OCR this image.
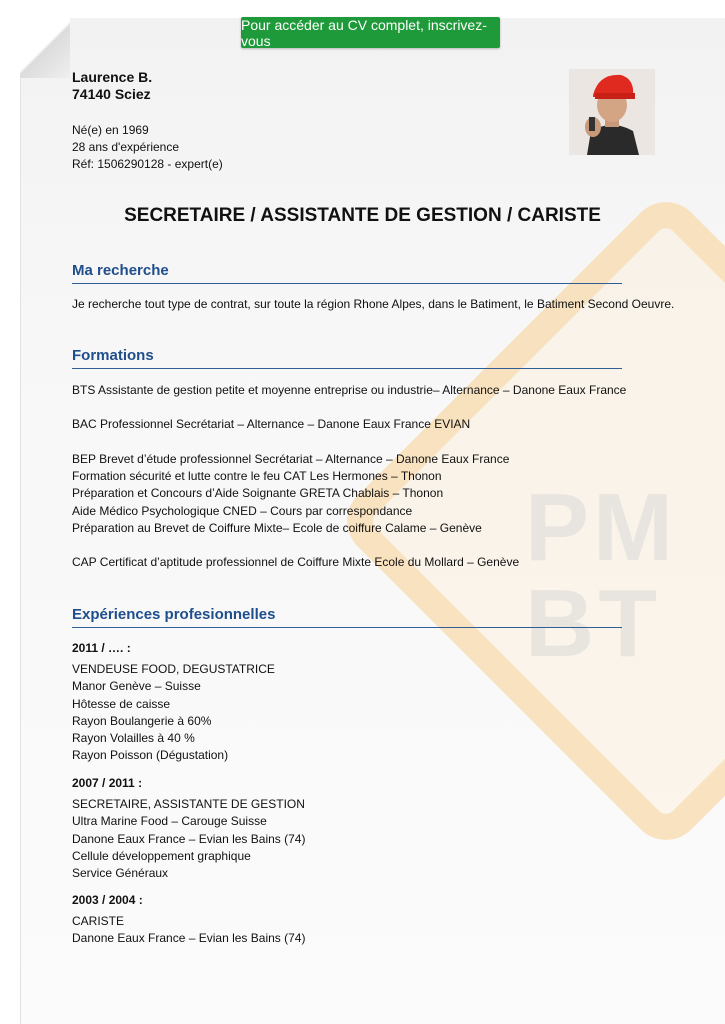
PM BT
Pour accéder au CV complet, inscrivez-vous
Laurence B.
74140 Sciez
Né(e) en 1969
28 ans d'expérience
Réf: 1506290128 - expert(e)
SECRETAIRE / ASSISTANTE DE GESTION / CARISTE
Ma recherche
Je recherche tout type de contrat, sur toute la région Rhone Alpes, dans le Batiment, le Batiment Second Oeuvre.
Formations
BTS Assistante de gestion petite et moyenne entreprise ou industrie– Alternance – Danone Eaux France
BAC Professionnel Secrétariat – Alternance – Danone Eaux France EVIAN
BEP Brevet d’étude professionnel Secrétariat – Alternance – Danone Eaux France
Formation sécurité et lutte contre le feu CAT Les Hermones – Thonon
Préparation et Concours d’Aide Soignante GRETA Chablais – Thonon
Aide Médico Psychologique CNED – Cours par correspondance
Préparation au Brevet de Coiffure Mixte– Ecole de coiffure Calame – Genève
CAP Certificat d’aptitude professionnel de Coiffure Mixte Ecole du Mollard – Genève
Expériences profesionnelles
2011 / …. :
VENDEUSE FOOD, DEGUSTATRICE
Manor Genève – Suisse
Hôtesse de caisse
Rayon Boulangerie à 60%
Rayon Volailles à 40 %
Rayon Poisson (Dégustation)
2007 / 2011 :
SECRETAIRE, ASSISTANTE DE GESTION
Ultra Marine Food – Carouge Suisse
Danone Eaux France – Evian les Bains (74)
Cellule développement graphique
Service Généraux
2003 / 2004 :
CARISTE
Danone Eaux France – Evian les Bains (74)
